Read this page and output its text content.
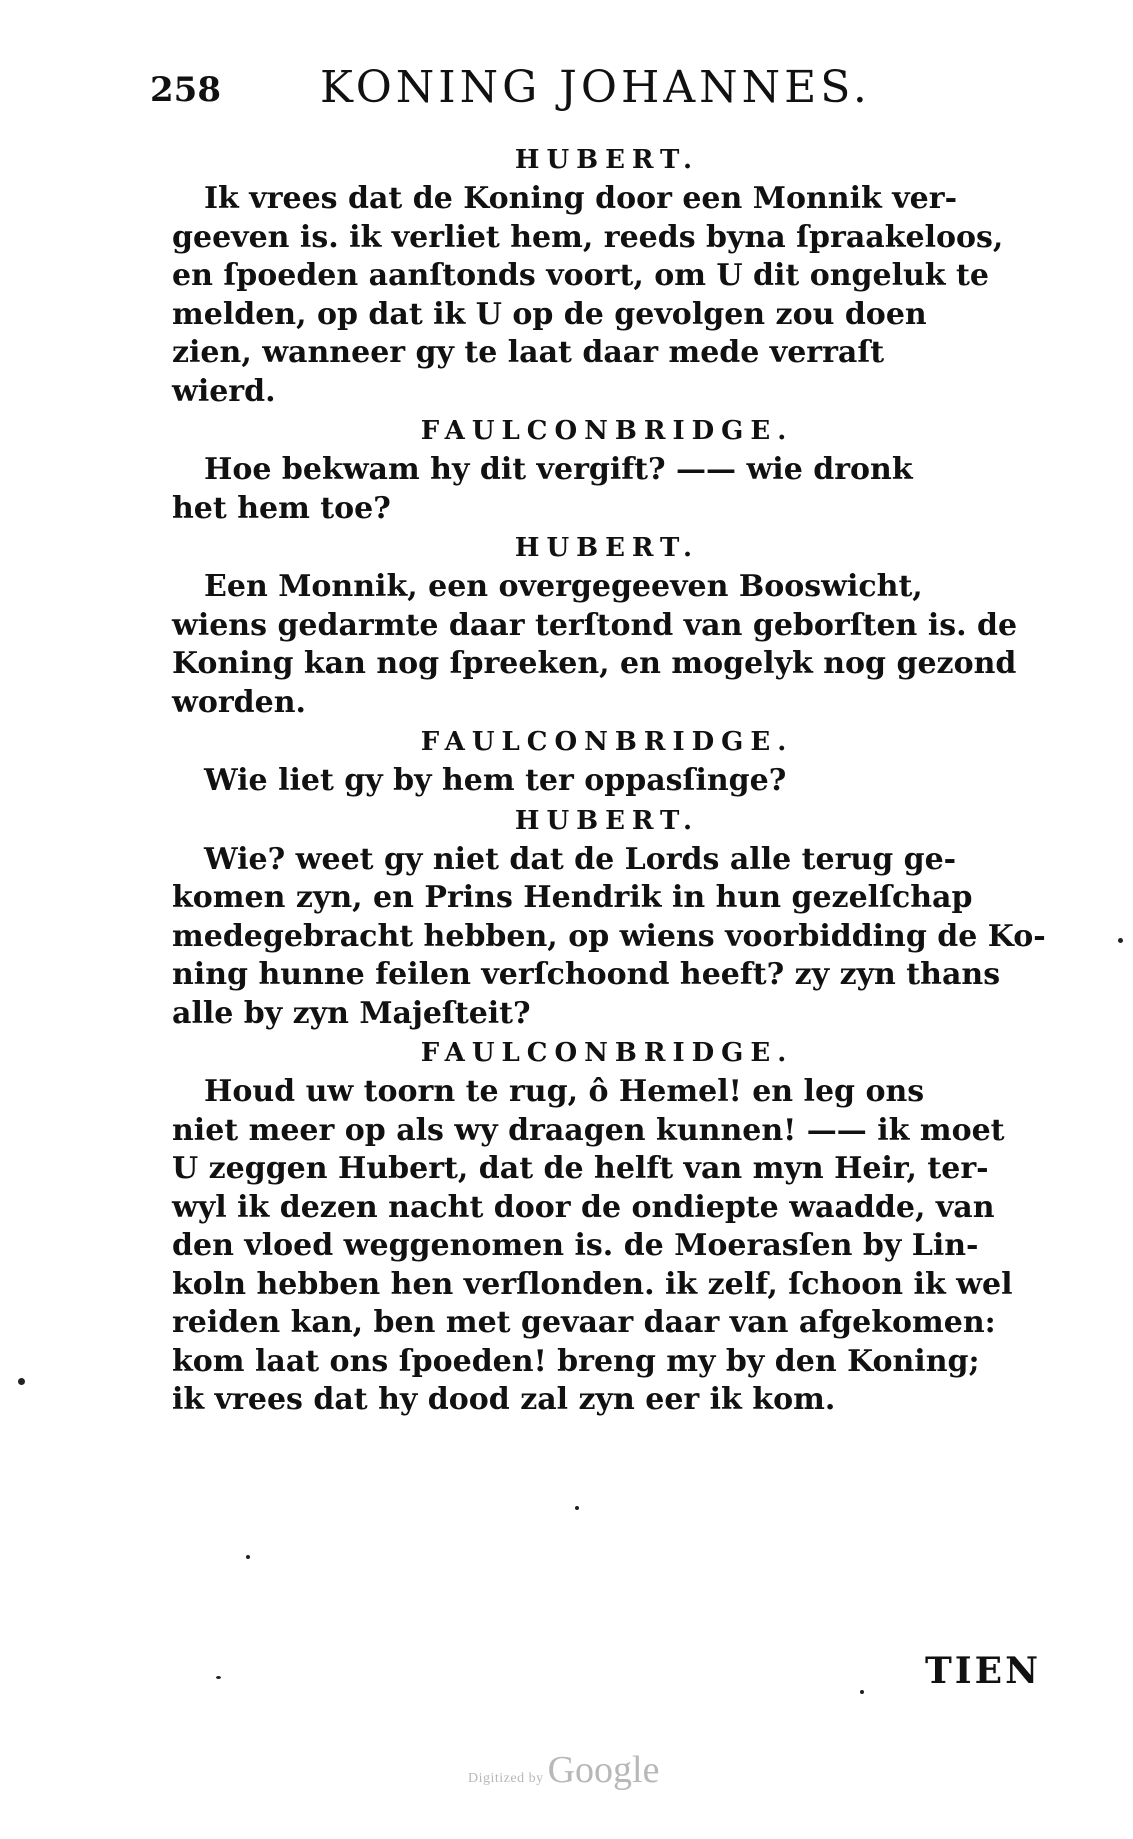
258 KONING JOHANNES.

HUBERT.

Ik vrees dat de Koning door een Monnik ver-
geeven is. ik verliet hem, reeds byna ſpraakeloos,
en ſpoeden aanſtonds voort, om U dit ongeluk te
melden, op dat ik U op de gevolgen zou doen
zien, wanneer gy te laat daar mede verraſt
wierd.

FAULCONBRIDGE.

Hoe bekwam hy dit vergift? —— wie dronk
het hem toe?

HUBERT.

Een Monnik, een overgegeeven Booswicht,
wiens gedarmte daar terſtond van geborſten is. de
Koning kan nog ſpreeken, en mogelyk nog gezond
worden.

FAULCONBRIDGE.

Wie liet gy by hem ter oppasſinge?

HUBERT.

Wie? weet gy niet dat de Lords alle terug ge-
komen zyn, en Prins Hendrik in hun gezelſchap
medegebracht hebben, op wiens voorbidding de Ko-
ning hunne feilen verſchoond heeft? zy zyn thans
alle by zyn Majeſteit?

FAULCONBRIDGE.

Houd uw toorn te rug, ô Hemel! en leg ons
niet meer op als wy draagen kunnen! —— ik moet
U zeggen Hubert, dat de helft van myn Heir, ter-
wyl ik dezen nacht door de ondiepte waadde, van
den vloed weggenomen is. de Moerasſen by Lin-
koln hebben hen verſlonden. ik zelf, ſchoon ik wel
reiden kan, ben met gevaar daar van afgekomen:
kom laat ons ſpoeden! breng my by den Koning;
ik vrees dat hy dood zal zyn eer ik kom.
TIEN
Digitized by Google
